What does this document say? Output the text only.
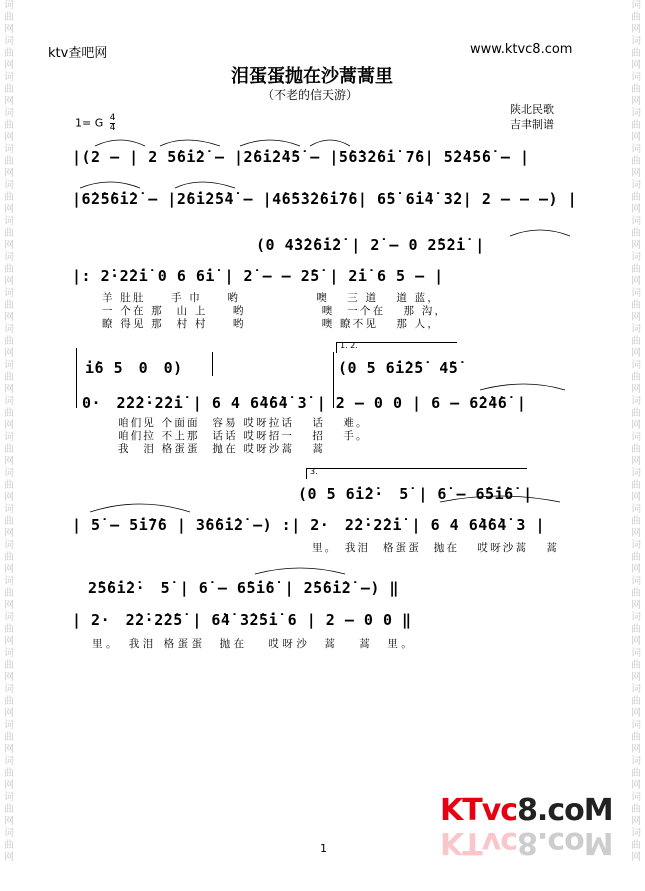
词
曲
网
词
曲
网
词
曲
网
词
曲
网
词
曲
网
词
曲
网
词
曲
网
词
曲
网
词
曲
网
词
曲
网
词
曲
网
词
曲
网
词
曲
网
词
曲
网
词
曲
网
词
曲
网
词
曲
网
词
曲
网
词
曲
网
词
曲
网
词
曲
网
词
曲
网
词
曲
网
词
曲
网
词
曲
网
词
曲
网
词
曲
网
词
曲
网
词
曲
网
词
曲
网
词
曲
网
词
曲
网
词
曲
网
词
曲
网
词
曲
网
词
曲
网
词
曲
网
词
曲
网
词
曲
网
词
曲
网
词
曲
网
词
曲
网
词
曲
网
词
曲
网
词
曲
网
词
曲
网
词
曲
网
词
曲
网
ktv查吧网	www.ktvc8.com
泪蛋蛋抛在沙蒿蒿里
（不老的信天游）
1= G $\frac{4}{4}$
陕北民歌
吉聿制谱
|(2 – | 2 5̇6̇i̇2̇ – |2̇6̇i̇2̇4̇5̇ – |5̇6̇3̇2̇6̇i̇ 7̇6| 5̇2̇4̇5̇6̇ – |
|6̇2̇5̇6̇i̇2̇ – |2̇6̇i̇2̇5̇4̇ – |4̇6̇5̇3̇2̇6̇i̇7̇6| 6̇5̇ 6̇i̇4̇ 3̇2| 2 – – –) |
(0 4̇3̇2̇6̇i̇2̇ | 2̇ – 0 2̇5̇2̇i̇ |
|: 2̇·2̇2̇i̇ 0 6 6̇i̇ | 2̇ – – 2̇5̇ | 2̇i̇ 6 5 – |
羊 肚肚　　手 巾　　哟　　　　　　噢　 三 道　 道 蓝，
一 个在 那　山 上　　哟　　　　　　噢　一个在　 那 沟，
瞭 得见 那　村 村　　哟　　　　　　噢 瞭不见　 那 人，
1. 2.
i̇6 5　0　0)	(0 5 6̇i̇2̇5̇　4̇5̇
0·　2̇2̇2̇·2̇2̇i̇ | 6 4 6̇4̇6̇4̇ 3̇ | 2 – 0 0 | 6 – 6̇2̇4̇6̇ |
咱们见 个面面　容易 哎呀拉话　 话　 难。
咱们拉 不上那　话话 哎呀招一　 招　 手。
我　泪 格蛋蛋　抛在 哎呀沙蒿　 蒿
3.
(0 5 6̇i̇2̇·　5̇ | 6̇ – 6̇5̇i̇6̇ |
| 5̇ – 5̇i̇7̇6 | 3̇6̇6̇i̇2̇ –) :| 2·　2̇2̇·2̇2̇i̇ | 6 4 6̇4̇6̇4̇ 3 |
里。　我泪　格蛋蛋　抛在　 哎呀沙蒿　 蒿
2̇5̇6̇i̇2̇·　5̇ | 6̇ – 6̇5̇i̇6̇ | 2̇5̇6̇i̇2̇ –) ‖
| 2·　2̇2̇·2̇2̇5̇ | 6̇4̇ 3̇2̇5̇i̇ 6 | 2 – 0 0 ‖
里。　我泪 格蛋蛋　抛在　 哎呀沙　蒿　 蒿　里。
KTvc8.coM
KTvc8.coM
1
